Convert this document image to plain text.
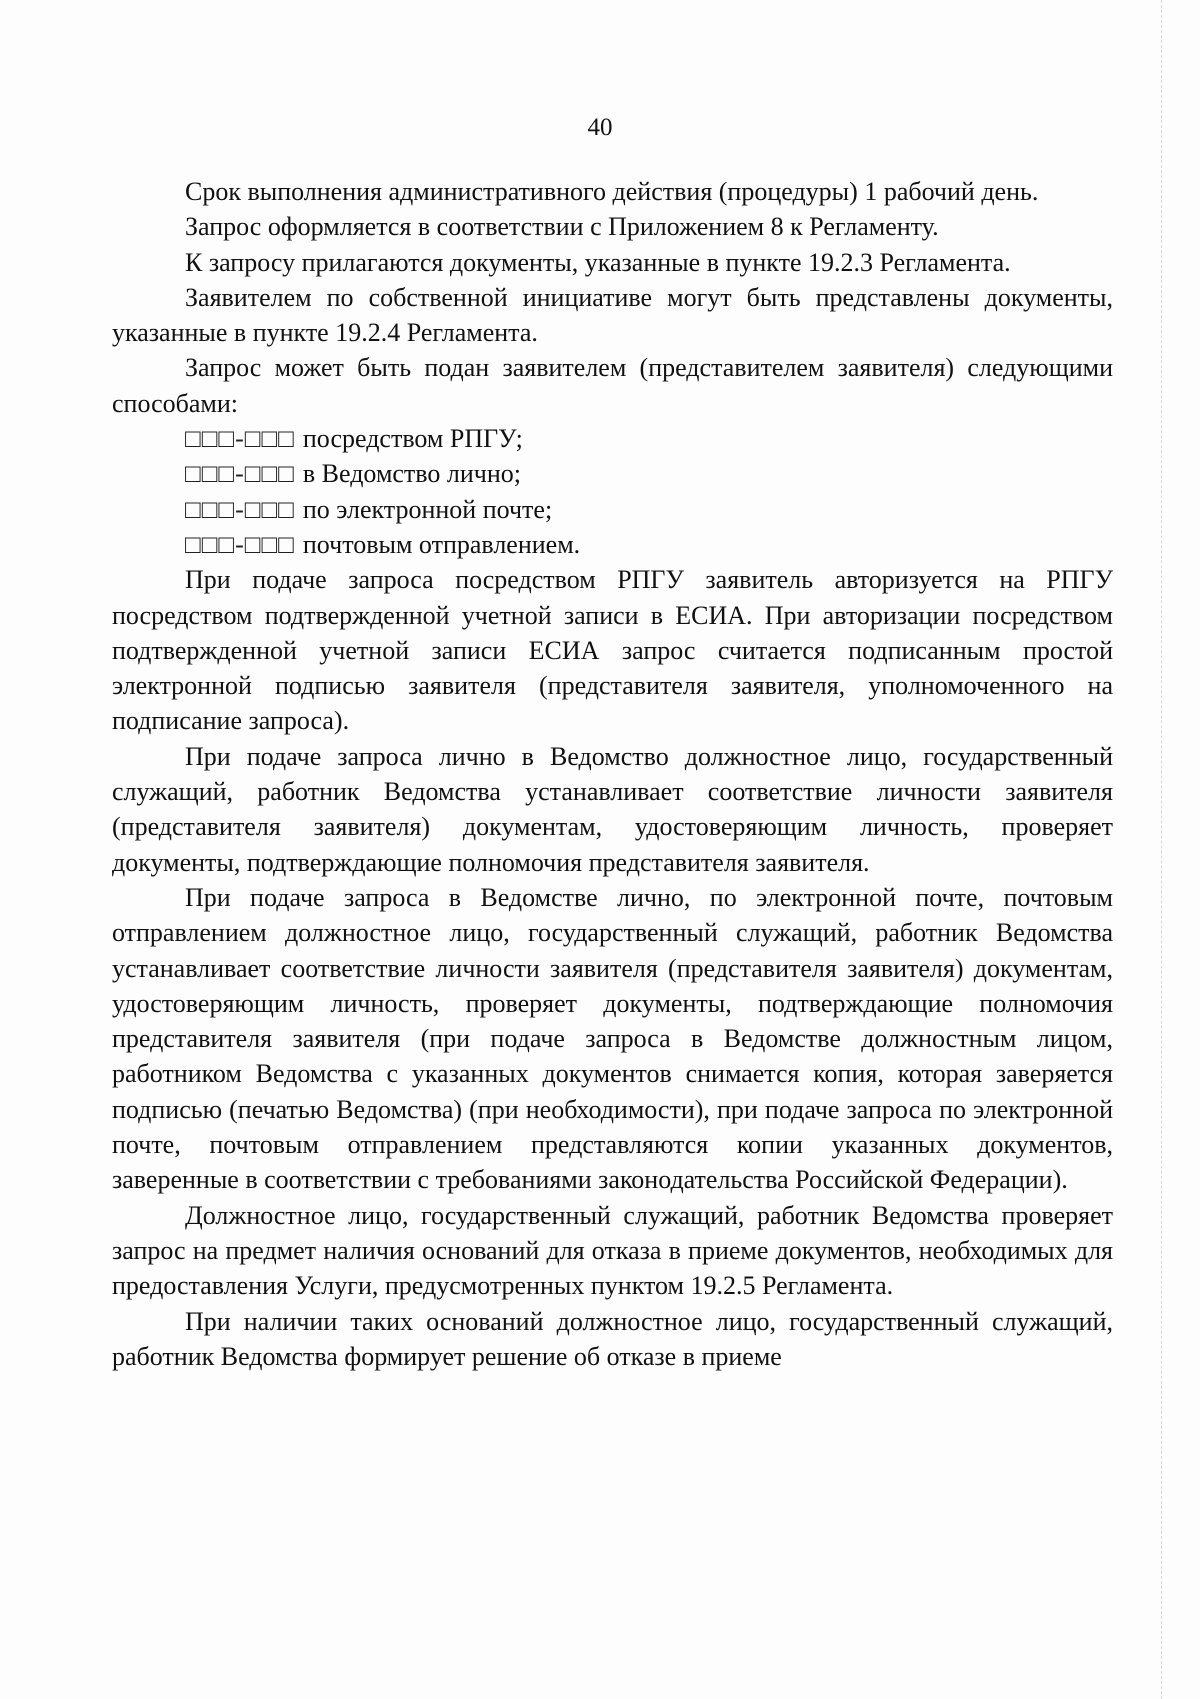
40

Срок выполнения административного действия (процедуры) 1 рабочий день.

Запрос оформляется в соответствии с Приложением 8 к Регламенту.

К запросу прилагаются документы, указанные в пункте 19.2.3 Регламента.

Заявителем по собственной инициативе могут быть представлены документы, указанные в пункте 19.2.4 Регламента.

Запрос может быть подан заявителем (представителем заявителя) следующими способами:

□□□-□□□ посредством РПГУ;

□□□-□□□ в Ведомство лично;

□□□-□□□ по электронной почте;

□□□-□□□ почтовым отправлением.

При подаче запроса посредством РПГУ заявитель авторизуется на РПГУ посредством подтвержденной учетной записи в ЕСИА. При авторизации посредством подтвержденной учетной записи ЕСИА запрос считается подписанным простой электронной подписью заявителя (представителя заявителя, уполномоченного на подписание запроса).

При подаче запроса лично в Ведомство должностное лицо, государственный служащий, работник Ведомства устанавливает соответствие личности заявителя (представителя заявителя) документам, удостоверяющим личность, проверяет документы, подтверждающие полномочия представителя заявителя.

При подаче запроса в Ведомстве лично, по электронной почте, почтовым отправлением должностное лицо, государственный служащий, работник Ведомства устанавливает соответствие личности заявителя (представителя заявителя) документам, удостоверяющим личность, проверяет документы, подтверждающие полномочия представителя заявителя (при подаче запроса в Ведомстве должностным лицом, работником Ведомства с указанных документов снимается копия, которая заверяется подписью (печатью Ведомства) (при необходимости), при подаче запроса по электронной почте, почтовым отправлением представляются копии указанных документов, заверенные в соответствии с требованиями законодательства Российской Федерации).

Должностное лицо, государственный служащий, работник Ведомства проверяет запрос на предмет наличия оснований для отказа в приеме документов, необходимых для предоставления Услуги, предусмотренных пунктом 19.2.5 Регламента.

При наличии таких оснований должностное лицо, государственный служащий, работник Ведомства формирует решение об отказе в приеме
